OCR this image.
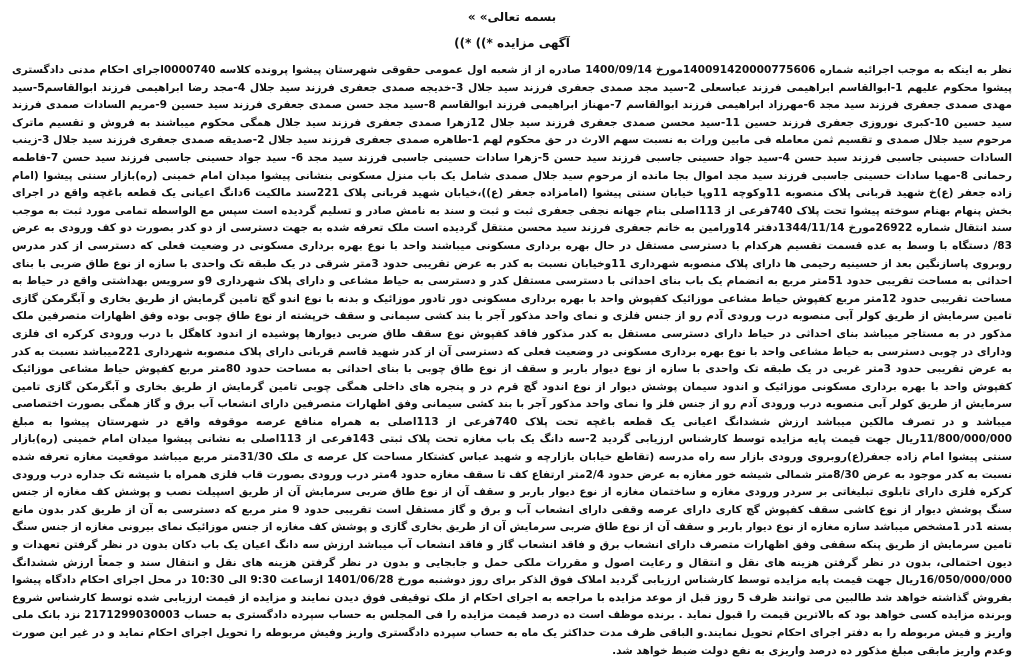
بسمه تعالی» »
آگهی مزایده *)) *))
نظر به اینکه به موجب اجرائیه شماره 140091420000775606مورخ 1400/09/14 صادره از از شعبه اول عمومی حقوقی شهرستان پیشوا پرونده کلاسه 0000740اجرای احکام مدنی دادگستری پیشوا محکوم علیهم 1-ابوالقاسم ابراهیمی فرزند عباسعلی 2-سید مجد صمدی جعفری فرزند سید جلال 3-خدیجه صمدی جعفری فرزند سید جلال 4-مجد رضا ابراهیمی فرزند ابوالقاسم5-سید مهدی صمدی جعفری فرزند سید مجد 6-مهرزاد ابراهیمی فرزند ابوالقاسم 7-مهناز ابراهیمی فرزند ابوالقاسم 8-سید مجد حسن صمدی جعفری فرزند سید حسین 9-مریم السادات صمدی فرزند سید حسین 10-کبری نوروزی جعفری فرزند حسین 11-سید محسن صمدی جعفری فرزند سید جلال 12زهرا صمدی جعفری فرزند سید جلال همگی محکوم میباشند به فروش و تقسیم ماترک مرحوم سید جلال صمدی و تقسیم ثمن معامله فی مابین ورات به نسبت سهم الارث در حق محکوم لهم 1-طاهره صمدی جعفری فرزند سید جلال 2-صدیقه صمدی جعفری فرزند سید جلال 3-زینب السادات حسینی جاسبی فرزند سید حسن 4-سید جواد حسینی جاسبی فرزند سید حسن 5-زهرا سادات حسینی جاسبی فرزند سید مجد 6- سید جواد حسینی جاسبی فرزند سید حسن 7-فاطمه رحمانی 8-مهیا سادات حسینی جاسبی فرزند سید مجد اموال بجا مانده از مرحوم سید جلال صمدی شامل یک باب منزل مسکونی بنشانی پیشوا میدان امام خمینی (ره)بازار سنتی پیشوا (امام زاده جعفر (ع)خ شهید قربانی پلاک منصوبه 11وکوچه 11وپا خیابان سنتی پیشوا (امامزاده جعفر (ع))،خیابان شهید قربانی پلاک 221سند مالکیت 6دانگ اعیانی یک قطعه باغچه واقع در اجرای بخش پنهام بهنام سوخته پیشوا تحت پلاک 740فرعی از 113اصلی بنام جهانه نجفی جعفری ثبت و ثبت و سند به نامش صادر و تسلیم گردیده است سپس مع الواسطه تمامی مورد ثبت به موجب سند انتقال شماره 26922مورخ 1344/11/14دفتر 14ورامین به خانم جعفری فرزند سید محسن منتقل گردیده است ملک تعرفه شده به جهت دسترسی از دو کدر بصورت دو کف ورودی به عرض 83/ دستگاه با وسط به عده قسمت تقسیم هرکدام با دسترسی مستقل در حال بهره برداری مسکونی میباشند واحد با نوع بهره برداری مسکونی در وضعیت فعلی که دسترسی از کدر مدرس روبروی پاسازنگین بعد از حسینیه رحیمی ها دارای پلاک منصوبه شهرداری 11وخیابان نسبت به کدر به عرض تقریبی حدود 3متر شرقی در یک طبقه تک واحدی با سازه از نوع طاق ضربی با بنای احداثی به مساحت تقریبی حدود 51متر مربع به انضمام یک باب بنای احداثی با دسترسی مستقل کدر و دسترسی به حیاط مشاعی و دارای پلاک شهرداری 9و سرویس بهداشتی واقع در حیاط به مساحت تقریبی حدود 12متر مربع کفپوش حیاط مشاعی موزائیک کفپوش واحد با بهره برداری مسکونی دور تادور موزائیک و بدنه با نوع اندو گچ تامین گرمایش از طریق بخاری و آبگرمکن گازی تامین سرمایش از طریق کولر آبی منصوبه درب ورودی آدم رو از جنس فلزی و نمای واحد مذکور آجر با بند کشی سیمانی و سقف خرپشته از نوع طاق چوبی بوده وفق اظهارات متصرفین ملک مذکور در به مستاجر میباشد بنای احداثی در حیاط دارای دسترسی مستقل به کدر مذکور فاقد کفپوش نوع سقف طاق ضربی دیوارها پوشیده از اندود کاهگل با درب ورودی کرکره ای فلزی ودارای در چوبی دسترسی به حیاط مشاعی واحد با نوع بهره برداری مسکونی در وضعیت فعلی که دسترسی آن از کدر شهید قاسم قربانی دارای پلاک منصوبه شهرداری 221میباشد نسبت به کدر به عرض تقریبی حدود 3متر غربی در یک طبقه تک واحدی با سازه از نوع دیوار باربر و سقف از نوع طاق چوبی با بنای احداثی به مساحت حدود 80متر مربع کفپوش حیاط مشاعی موزائیک کفپوش واحد با بهره برداری مسکونی موزائیک و اندود سیمان پوشش دیوار از نوع اندود گچ قرم در و پنجره های داخلی همگی چوبی تامین گرمایش از طریق بخاری و آبگرمکن گازی تامین سرمایش از طریق کولر آبی منصوبه درب ورودی آدم رو از جنس فلز وا نمای واحد مذکور آجر با بند کشی سیمانی وفق اظهارات متصرفین دارای انشعاب آب برق و گاز همگی بصورت اختصاصی میباشد و در تصرف مالکین میباشد ارزش ششدانگ اعیانی یک قطعه باغچه تحت پلاک 740فرعی از 113اصلی به همراه منافع عرصه موقوفه واقع در شهرستان پیشوا به مبلغ 11/800/000/000ریال جهت قیمت پایه مزایده توسط کارشناس ارزیابی گردید 2-سه دانگ یک باب مغازه تحت پلاک ثبتی 143فرعی از 113اصلی به نشانی پیشوا میدان امام خمینی (ره)بازار سنتی پیشوا امام زاده جعفر(ع)روبروی ورودی بازار سه راه مدرسه (تقاطع خیابان بازارچه و شهید عباس کشتکار مساحت کل عرصه ی ملک 31/30متر مربع میباشد موقعیت مغازه تعرفه شده نسبت به کدر موجود به عرض 8/30متر شمالی شیشه خور مغازه به عرض حدود 2/4متر ارتفاع کف تا سقف مغازه حدود 4متر درب ورودی بصورت قاب فلزی همراه با شیشه تک جداره درب ورودی کرکره فلزی دارای تابلوی تبلیغاتی بر سردر ورودی مغازه و ساختمان مغازه از نوع دیوار باربر و سقف آن از نوع طاق ضربی سرمایش آن از طریق اسپیلت نصب و پوشش کف مغازه از جنس سنگ پوشش دیوار از نوع کاشی سقف کفپوش گچ کاری دارای عرصه وقفی دارای انشعاب آب و برق و گاز مستقل است تقریبی حدود 9 متر مربع که دسترسی به آن از طریق کدر بدون مانع بسته 1در 1مشخص میباشد سازه مغازه از نوع دیوار باربر و سقف آن از نوع طاق ضربی سرمایش آن از طریق بخاری گازی و پوشش کف مغازه از جنس موزائیک نمای بیرونی مغازه از جنس سنگ تامین سرمایش از طریق پنکه سقفی وفق اظهارات متصرف دارای انشعاب برق و فاقد انشعاب گاز و فاقد انشعاب آب میباشد ارزش سه دانگ اعیان یک باب دکان بدون در نظر گرفتن تعهدات و دیون احتمالی، بدون در نظر گرفتن هزینه های نقل و انتقال و رعایت اصول و مقررات ملکی حمل و جابجایی و بدون در نظر گرفتن هزینه های نقل و انتقال سند و جمعاً ارزش ششدانگ 16/050/000/000ریال جهت قیمت پایه مزایده توسط کارشناس ارزیابی گردید املاک فوق الذکر برای روز دوشنبه مورخ 1401/06/28 ازساعت 9:30 الی 10:30 در محل اجرای احکام دادگاه پیشوا بفروش گذاشته خواهد شد طالبین می توانند ظرف 5 روز قبل از موعد مزایده با مراجعه به اجرای احکام از ملک توقیفی فوق دیدن نمایند و مزایده از قیمت ارزیابی شده توسط کارشناس شروع وبرنده مزایده کسی خواهد بود که بالاترین قیمت را قبول نماید . برنده موظف است ده درصد قیمت مزایده را فی المجلس به حساب سپرده دادگستری به حساب 2171299030003 نزد بانک ملی واریز و فیش مربوطه را به دفتر اجرای احکام تحویل نمایند.و الباقی ظرف مدت حداکثر یک ماه به حساب سپرده دادگستری واریز وفیش مربوطه را تحویل اجرای احکام نماید و در غیر این صورت وعدم واریز مابقی مبلغ مذکور ده درصد واریزی به نفع دولت ضبط خواهد شد.
